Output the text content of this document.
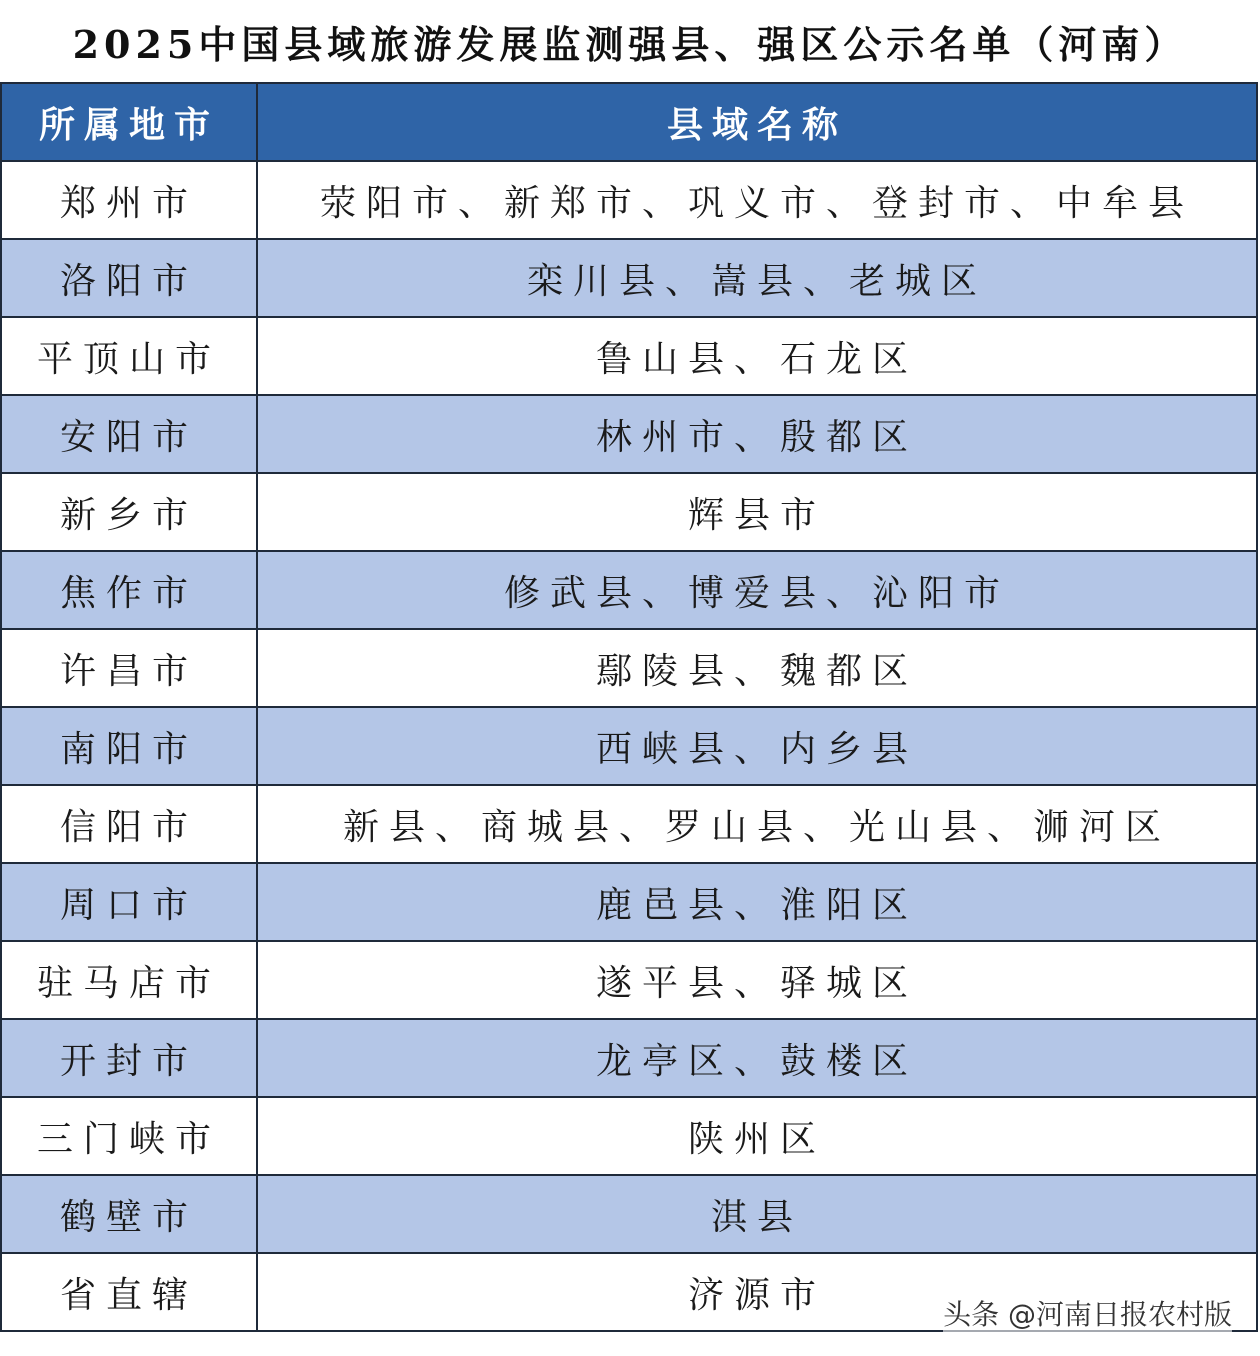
2025中国县域旅游发展监测强县、强区公示名单（河南）
所属地市	县域名称
郑州市	荥阳市、新郑市、巩义市、登封市、中牟县
洛阳市	栾川县、嵩县、老城区
平顶山市	鲁山县、石龙区
安阳市	林州市、殷都区
新乡市	辉县市
焦作市	修武县、博爱县、沁阳市
许昌市	鄢陵县、魏都区
南阳市	西峡县、内乡县
信阳市	新县、商城县、罗山县、光山县、浉河区
周口市	鹿邑县、淮阳区
驻马店市	遂平县、驿城区
开封市	龙亭区、鼓楼区
三门峡市	陕州区
鹤壁市	淇县
省直辖	济源市	头条 @河南日报农村版
